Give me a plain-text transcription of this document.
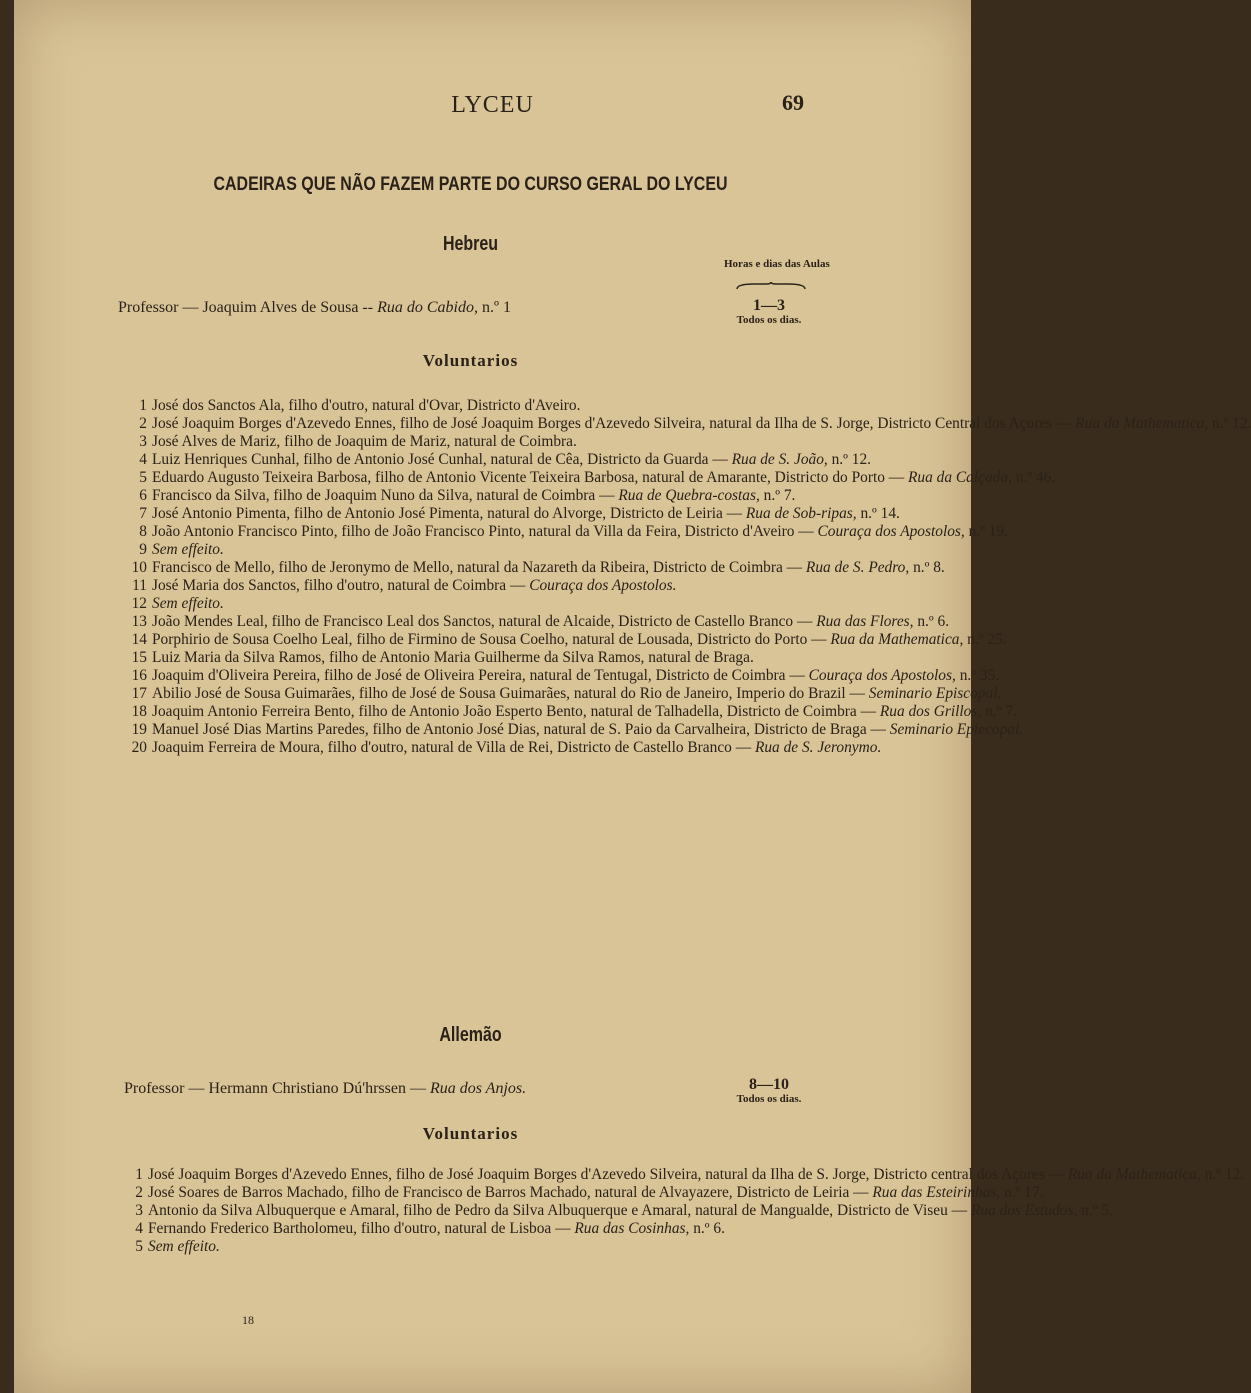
LYCEU	69
CADEIRAS QUE NÃO FAZEM PARTE DO CURSO GERAL DO LYCEU
Hebreu
Horas e dias das Aulas
Professor — Joaquim Alves de Sousa -- Rua do Cabido, n.º 1	1—3
Todos os dias.
Voluntarios
1 José dos Sanctos Ala, filho d'outro, natural d'Ovar, Districto d'Aveiro.
2 José Joaquim Borges d'Azevedo Ennes, filho de José Joaquim Borges d'Azevedo Silveira, natural da Ilha de S. Jorge, Districto Central dos Açores — Rua da Mathematica, n.º 12.
3 José Alves de Mariz, filho de Joaquim de Mariz, natural de Coimbra.
4 Luiz Henriques Cunhal, filho de Antonio José Cunhal, natural de Cêa, Districto da Guarda — Rua de S. João, n.º 12.
5 Eduardo Augusto Teixeira Barbosa, filho de Antonio Vicente Teixeira Barbosa, natural de Amarante, Districto do Porto — Rua da Calçada, n.º 46.
6 Francisco da Silva, filho de Joaquim Nuno da Silva, natural de Coimbra — Rua de Quebra-costas, n.º 7.
7 José Antonio Pimenta, filho de Antonio José Pimenta, natural do Alvorge, Districto de Leiria — Rua de Sob-ripas, n.º 14.
8 João Antonio Francisco Pinto, filho de João Francisco Pinto, natural da Villa da Feira, Districto d'Aveiro — Couraça dos Apostolos, n.º 19.
9 Sem effeito.
10 Francisco de Mello, filho de Jeronymo de Mello, natural da Nazareth da Ribeira, Districto de Coimbra — Rua de S. Pedro, n.º 8.
11 José Maria dos Sanctos, filho d'outro, natural de Coimbra — Couraça dos Apostolos.
12 Sem effeito.
13 João Mendes Leal, filho de Francisco Leal dos Sanctos, natural de Alcaide, Districto de Castello Branco — Rua das Flores, n.º 6.
14 Porphirio de Sousa Coelho Leal, filho de Firmino de Sousa Coelho, natural de Lousada, Districto do Porto — Rua da Mathematica, n.º 25.
15 Luiz Maria da Silva Ramos, filho de Antonio Maria Guilherme da Silva Ramos, natural de Braga.
16 Joaquim d'Oliveira Pereira, filho de José de Oliveira Pereira, natural de Tentugal, Districto de Coimbra — Couraça dos Apostolos, n.º 35.
17 Abilio José de Sousa Guimarães, filho de José de Sousa Guimarães, natural do Rio de Janeiro, Imperio do Brazil — Seminario Episcopal.
18 Joaquim Antonio Ferreira Bento, filho de Antonio João Esperto Bento, natural de Talhadella, Districto de Coimbra — Rua dos Grillos, n.º 7.
19 Manuel José Dias Martins Paredes, filho de Antonio José Dias, natural de S. Paio da Carvalheira, Districto de Braga — Seminario Epiecopal.
20 Joaquim Ferreira de Moura, filho d'outro, natural de Villa de Rei, Districto de Castello Branco — Rua de S. Jeronymo.
Allemão
Professor — Hermann Christiano Dú'hrssen — Rua dos Anjos.	8—10
Todos os dias.
Voluntarios
1 José Joaquim Borges d'Azevedo Ennes, filho de José Joaquim Borges d'Azevedo Silveira, natural da Ilha de S. Jorge, Districto central dos Açores — Rua da Mathematica, n.º 12.
2 José Soares de Barros Machado, filho de Francisco de Barros Machado, natural de Alvayazere, Districto de Leiria — Rua das Esteirinhas, n.º 17.
3 Antonio da Silva Albuquerque e Amaral, filho de Pedro da Silva Albuquerque e Amaral, natural de Mangualde, Districto de Viseu — Rua dos Estudos, n.º 5.
4 Fernando Frederico Bartholomeu, filho d'outro, natural de Lisboa — Rua das Cosinhas, n.º 6.
5 Sem effeito.
18
